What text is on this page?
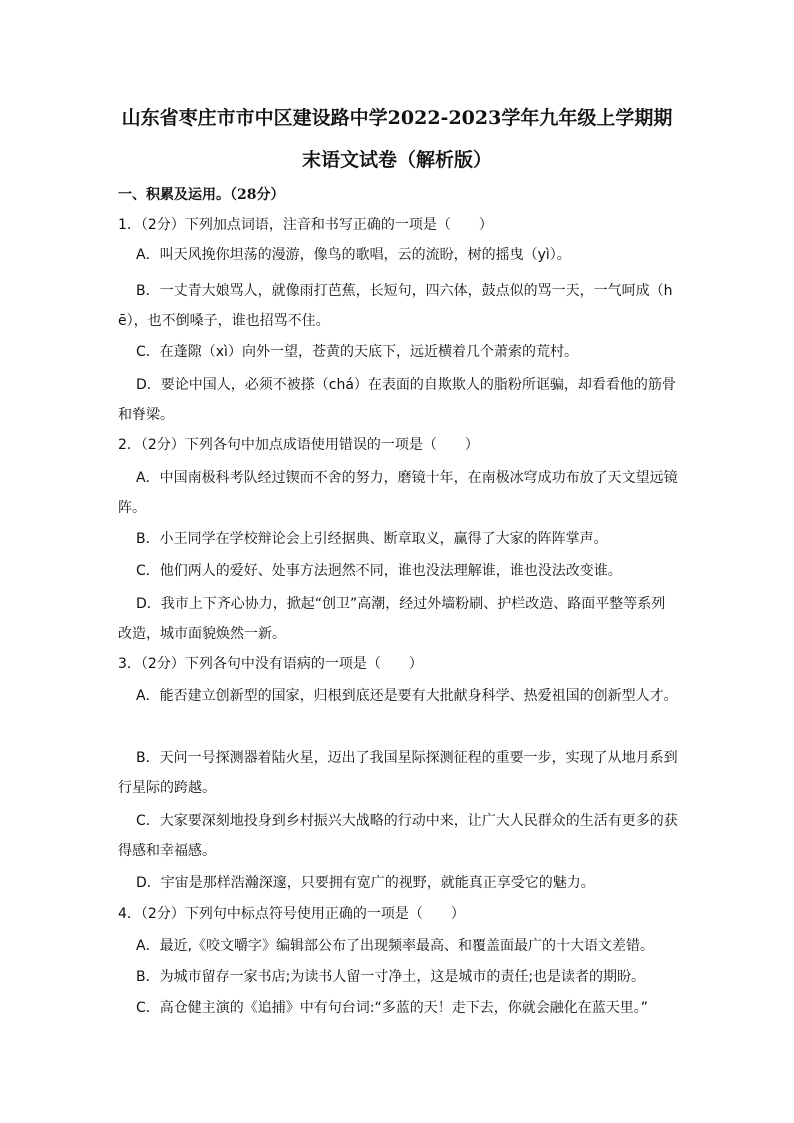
山东省枣庄市市中区建设路中学2022-2023学年九年级上学期期
末语文试卷（解析版）
一、积累及运用。（28分）
1．（2分）下列加点词语，注音和书写正确的一项是（　　）
A．叫天风挽你坦荡的漫游，像鸟的歌唱，云的流盼，树的摇曳（yì）。
B．一丈青大娘骂人，就像雨打芭蕉，长短句，四六体，鼓点似的骂一天，一气呵成（h
ē），也不倒嗓子，谁也招骂不住。
C．在蓬隙（xì）向外一望，苍黄的天底下，远近横着几个萧索的荒村。
D．要论中国人，必须不被搽（chá）在表面的自欺欺人的脂粉所诓骗，却看看他的筋骨
和脊梁。
2．（2分）下列各句中加点成语使用错误的一项是（　　）
A．中国南极科考队经过锲而不舍的努力，磨镜十年，在南极冰穹成功布放了天文望远镜
阵。
B．小王同学在学校辩论会上引经据典、断章取义，赢得了大家的阵阵掌声。
C．他们两人的爱好、处事方法迥然不同，谁也没法理解谁，谁也没法改变谁。
D．我市上下齐心协力，掀起“创卫”高潮，经过外墙粉刷、护栏改造、路面平整等系列
改造，城市面貌焕然一新。
3．（2分）下列各句中没有语病的一项是（　　）
A．能否建立创新型的国家，归根到底还是要有大批献身科学、热爱祖国的创新型人才。
B．天问一号探测器着陆火星，迈出了我国星际探测征程的重要一步，实现了从地月系到
行星际的跨越。
C．大家要深刻地投身到乡村振兴大战略的行动中来，让广大人民群众的生活有更多的获
得感和幸福感。
D．宇宙是那样浩瀚深邃，只要拥有宽广的视野，就能真正享受它的魅力。
4．（2分）下列句中标点符号使用正确的一项是（　　）
A．最近,《咬文嚼字》编辑部公布了出现频率最高、和覆盖面最广的十大语文差错。
B．为城市留存一家书店;为读书人留一寸净土，这是城市的责任;也是读者的期盼。
C．高仓健主演的《追捕》中有句台词:“多蓝的天！走下去，你就会融化在蓝天里。”
